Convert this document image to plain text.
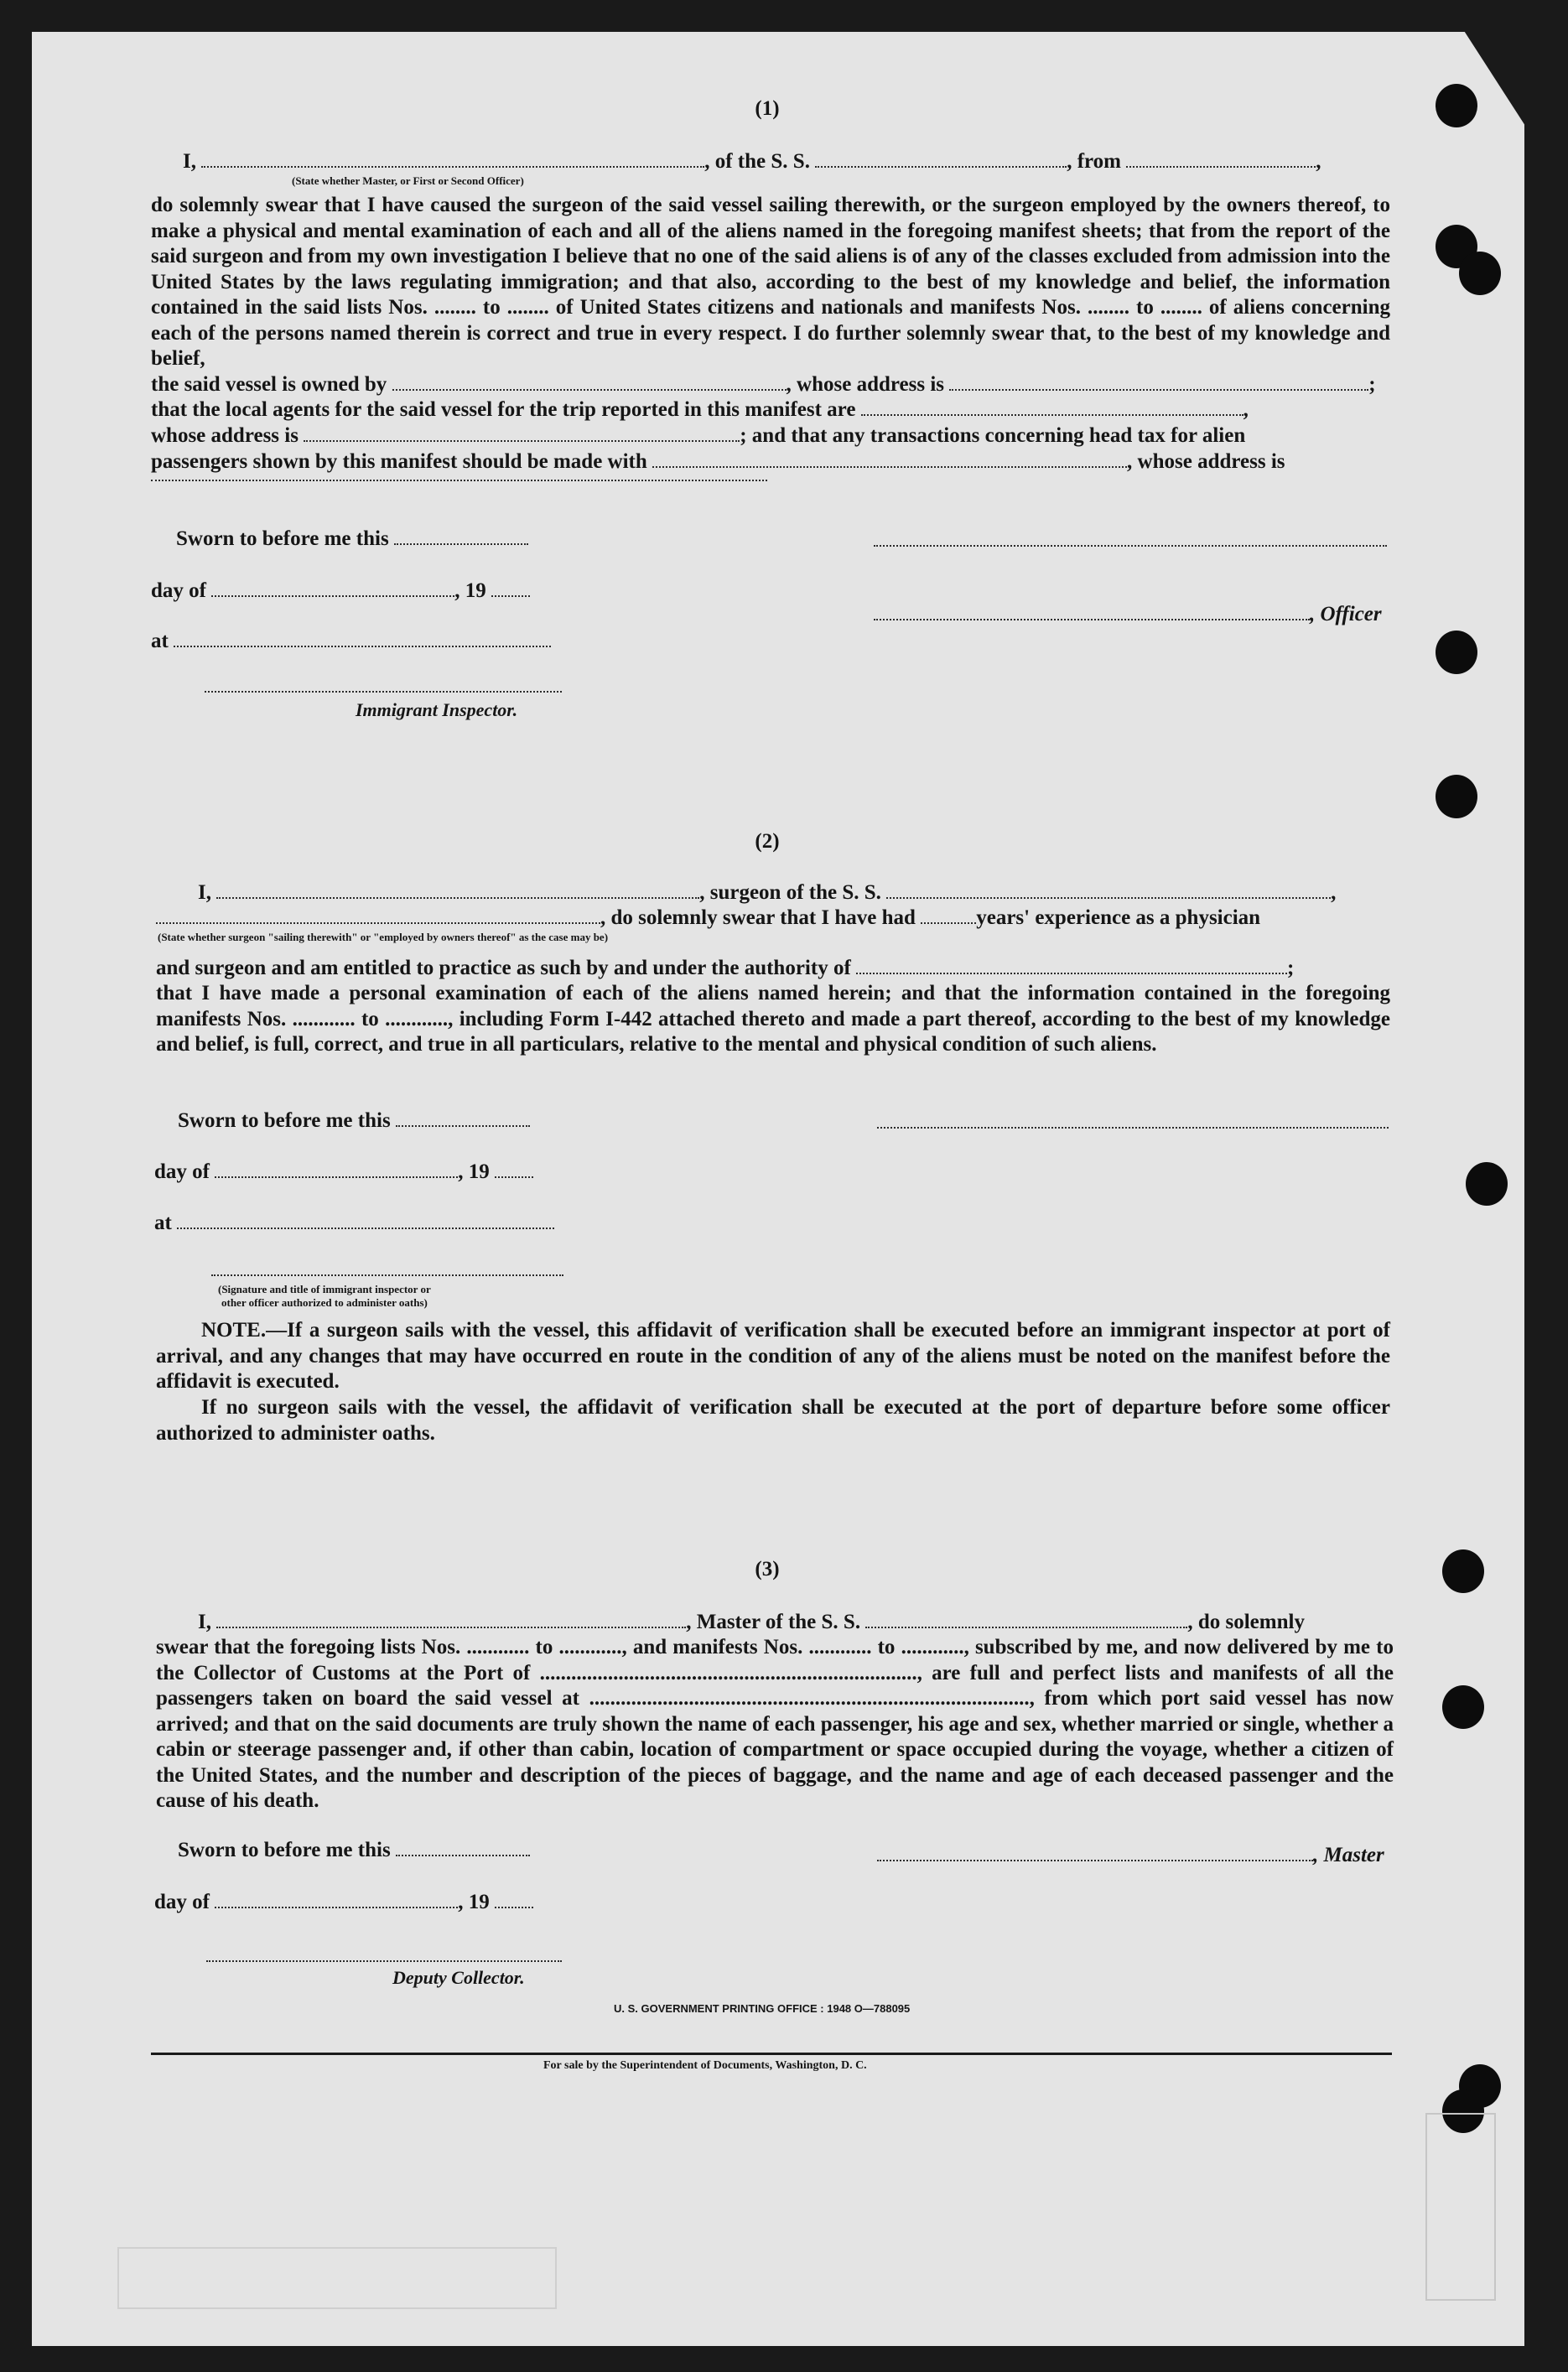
(1)
I,	, of the S. S.	, from	,
(State whether Master, or First or Second Officer)
do solemnly swear that I have caused the surgeon of the said vessel sailing therewith, or the surgeon employed by the owners thereof, to make a physical and mental examination of each and all of the aliens named in the foregoing manifest sheets; that from the report of the said surgeon and from my own investigation I believe that no one of the said aliens is of any of the classes excluded from admission into the United States by the laws regulating immigration; and that also, according to the best of my knowledge and belief, the information contained in the said lists Nos. ........ to ........ of United States citizens and nationals and manifests Nos. ........ to ........ of aliens concerning each of the persons named therein is correct and true in every respect. I do further solemnly swear that, to the best of my knowledge and belief,
the said vessel is owned by	, whose address is	;
that the local agents for the said vessel for the trip reported in this manifest are	,
whose address is	; and that any transactions concerning head tax for alien
passengers shown by this manifest should be made with	, whose address is
Sworn to before me this
day of	, 19
, Officer
at
Immigrant Inspector.
(2)
I,	, surgeon of the S. S.	,
, do solemnly swear that I have had	years' experience as a physician
(State whether surgeon "sailing therewith" or "employed by owners thereof" as the case may be)
and surgeon and am entitled to practice as such by and under the authority of	;
that I have made a personal examination of each of the aliens named herein; and that the information contained in the foregoing manifests Nos. ............ to ............, including Form I-442 attached thereto and made a part thereof, according to the best of my knowledge and belief, is full, correct, and true in all particulars, relative to the mental and physical condition of such aliens.
Sworn to before me this
day of	, 19
at
(Signature and title of immigrant inspector or
other officer authorized to administer oaths)
NOTE.—If a surgeon sails with the vessel, this affidavit of verification shall be executed before an immigrant inspector at port of arrival, and any changes that may have occurred en route in the condition of any of the aliens must be noted on the manifest before the affidavit is executed.
If no surgeon sails with the vessel, the affidavit of verification shall be executed at the port of departure before some officer authorized to administer oaths.
(3)
I,	, Master of the S. S.	, do solemnly
swear that the foregoing lists Nos. ............ to ............, and manifests Nos. ............ to ............, subscribed by me, and now delivered by me to the Collector of Customs at the Port of ........................................................................, are full and perfect lists and manifests of all the passengers taken on board the said vessel at ...................................................................................., from which port said vessel has now arrived; and that on the said documents are truly shown the name of each passenger, his age and sex, whether married or single, whether a cabin or steerage passenger and, if other than cabin, location of compartment or space occupied during the voyage, whether a citizen of the United States, and the number and description of the pieces of baggage, and the name and age of each deceased passenger and the cause of his death.
Sworn to before me this	, Master
day of	, 19
Deputy Collector.
U. S. GOVERNMENT PRINTING OFFICE : 1948 O—788095
For sale by the Superintendent of Documents, Washington, D. C.
